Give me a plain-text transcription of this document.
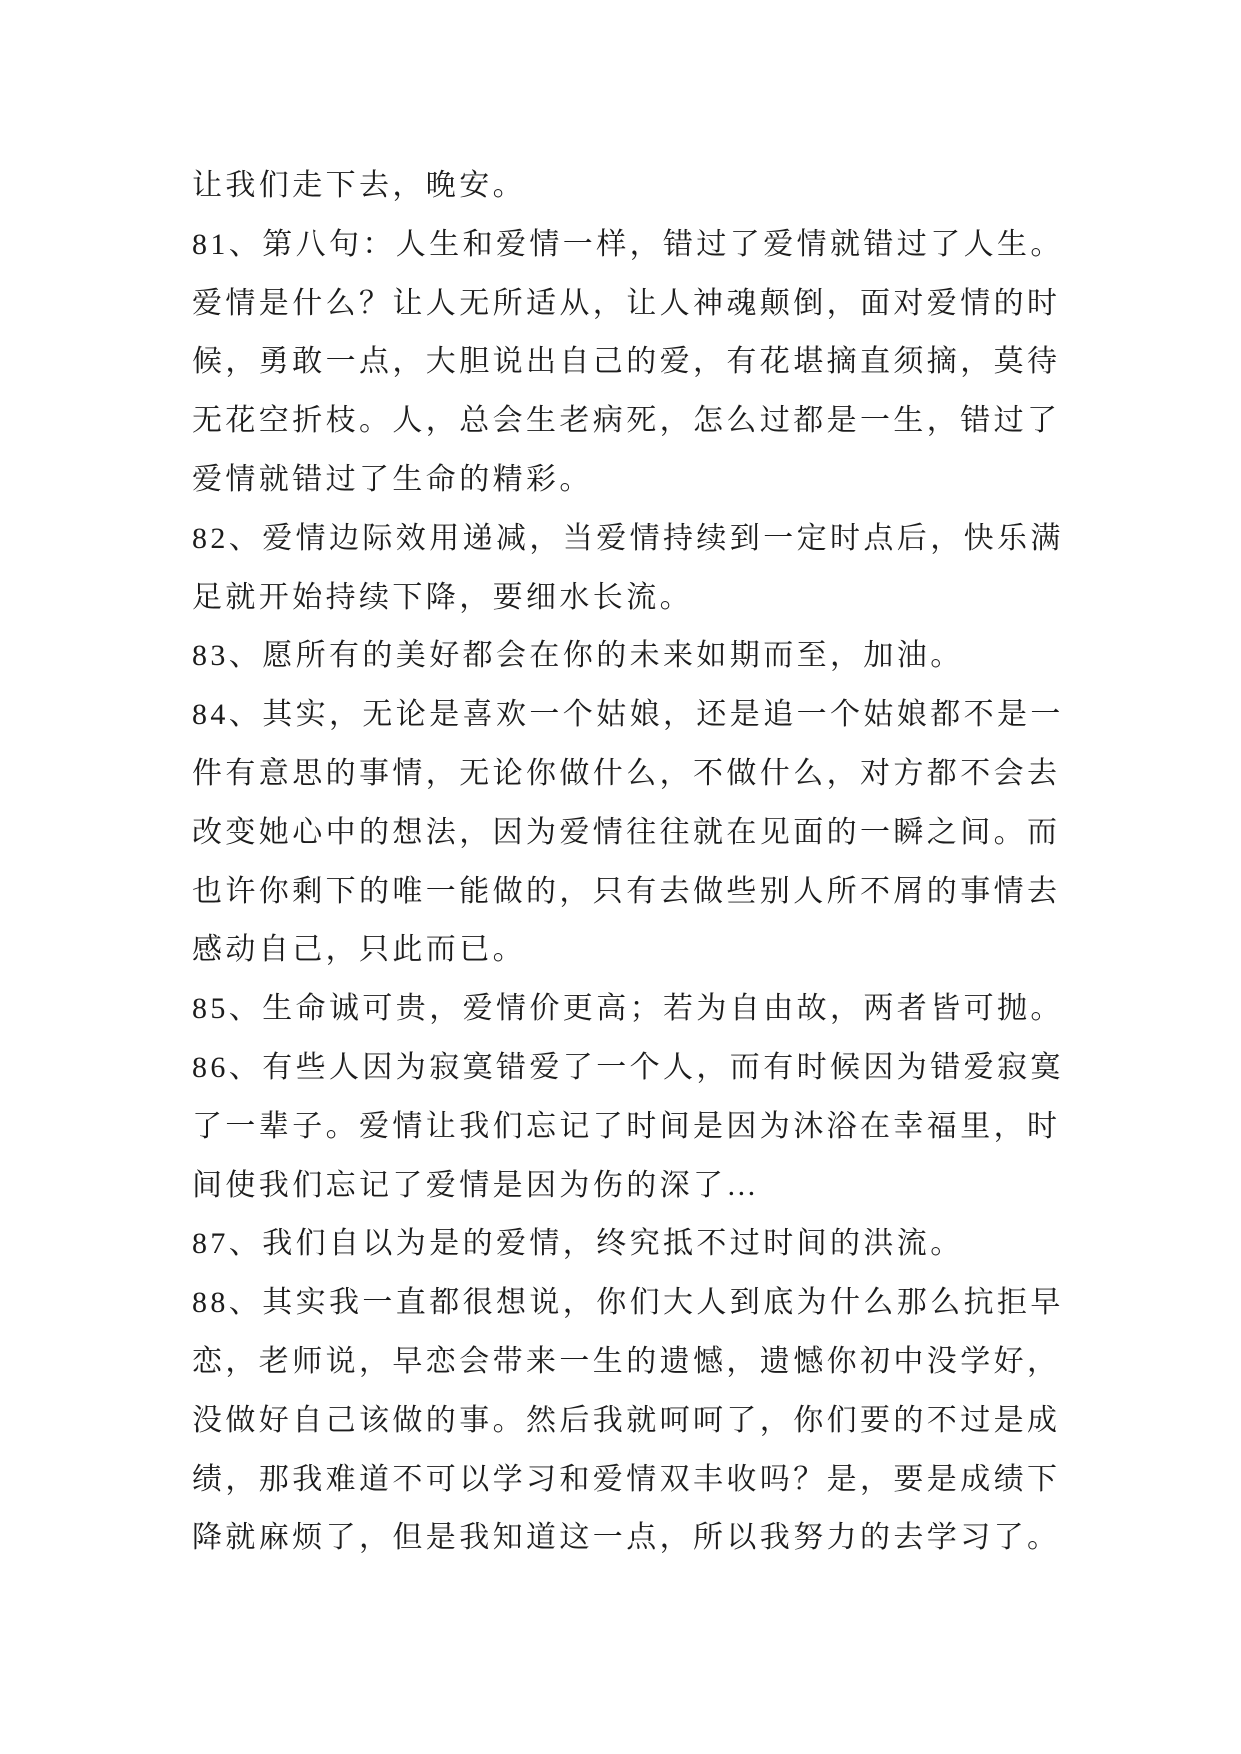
让我们走下去，晚安。
81、第八句：人生和爱情一样，错过了爱情就错过了人生。
爱情是什么？让人无所适从，让人神魂颠倒，面对爱情的时
候，勇敢一点，大胆说出自己的爱，有花堪摘直须摘，莫待
无花空折枝。人，总会生老病死，怎么过都是一生，错过了
爱情就错过了生命的精彩。
82、爱情边际效用递减，当爱情持续到一定时点后，快乐满
足就开始持续下降，要细水长流。
83、愿所有的美好都会在你的未来如期而至，加油。
84、其实，无论是喜欢一个姑娘，还是追一个姑娘都不是一
件有意思的事情，无论你做什么，不做什么，对方都不会去
改变她心中的想法，因为爱情往往就在见面的一瞬之间。而
也许你剩下的唯一能做的，只有去做些别人所不屑的事情去
感动自己，只此而已。
85、生命诚可贵，爱情价更高；若为自由故，两者皆可抛。
86、有些人因为寂寞错爱了一个人，而有时候因为错爱寂寞
了一辈子。爱情让我们忘记了时间是因为沐浴在幸福里，时
间使我们忘记了爱情是因为伤的深了…
87、我们自以为是的爱情，终究抵不过时间的洪流。
88、其实我一直都很想说，你们大人到底为什么那么抗拒早
恋，老师说，早恋会带来一生的遗憾，遗憾你初中没学好，
没做好自己该做的事。然后我就呵呵了，你们要的不过是成
绩，那我难道不可以学习和爱情双丰收吗？是，要是成绩下
降就麻烦了，但是我知道这一点，所以我努力的去学习了。
